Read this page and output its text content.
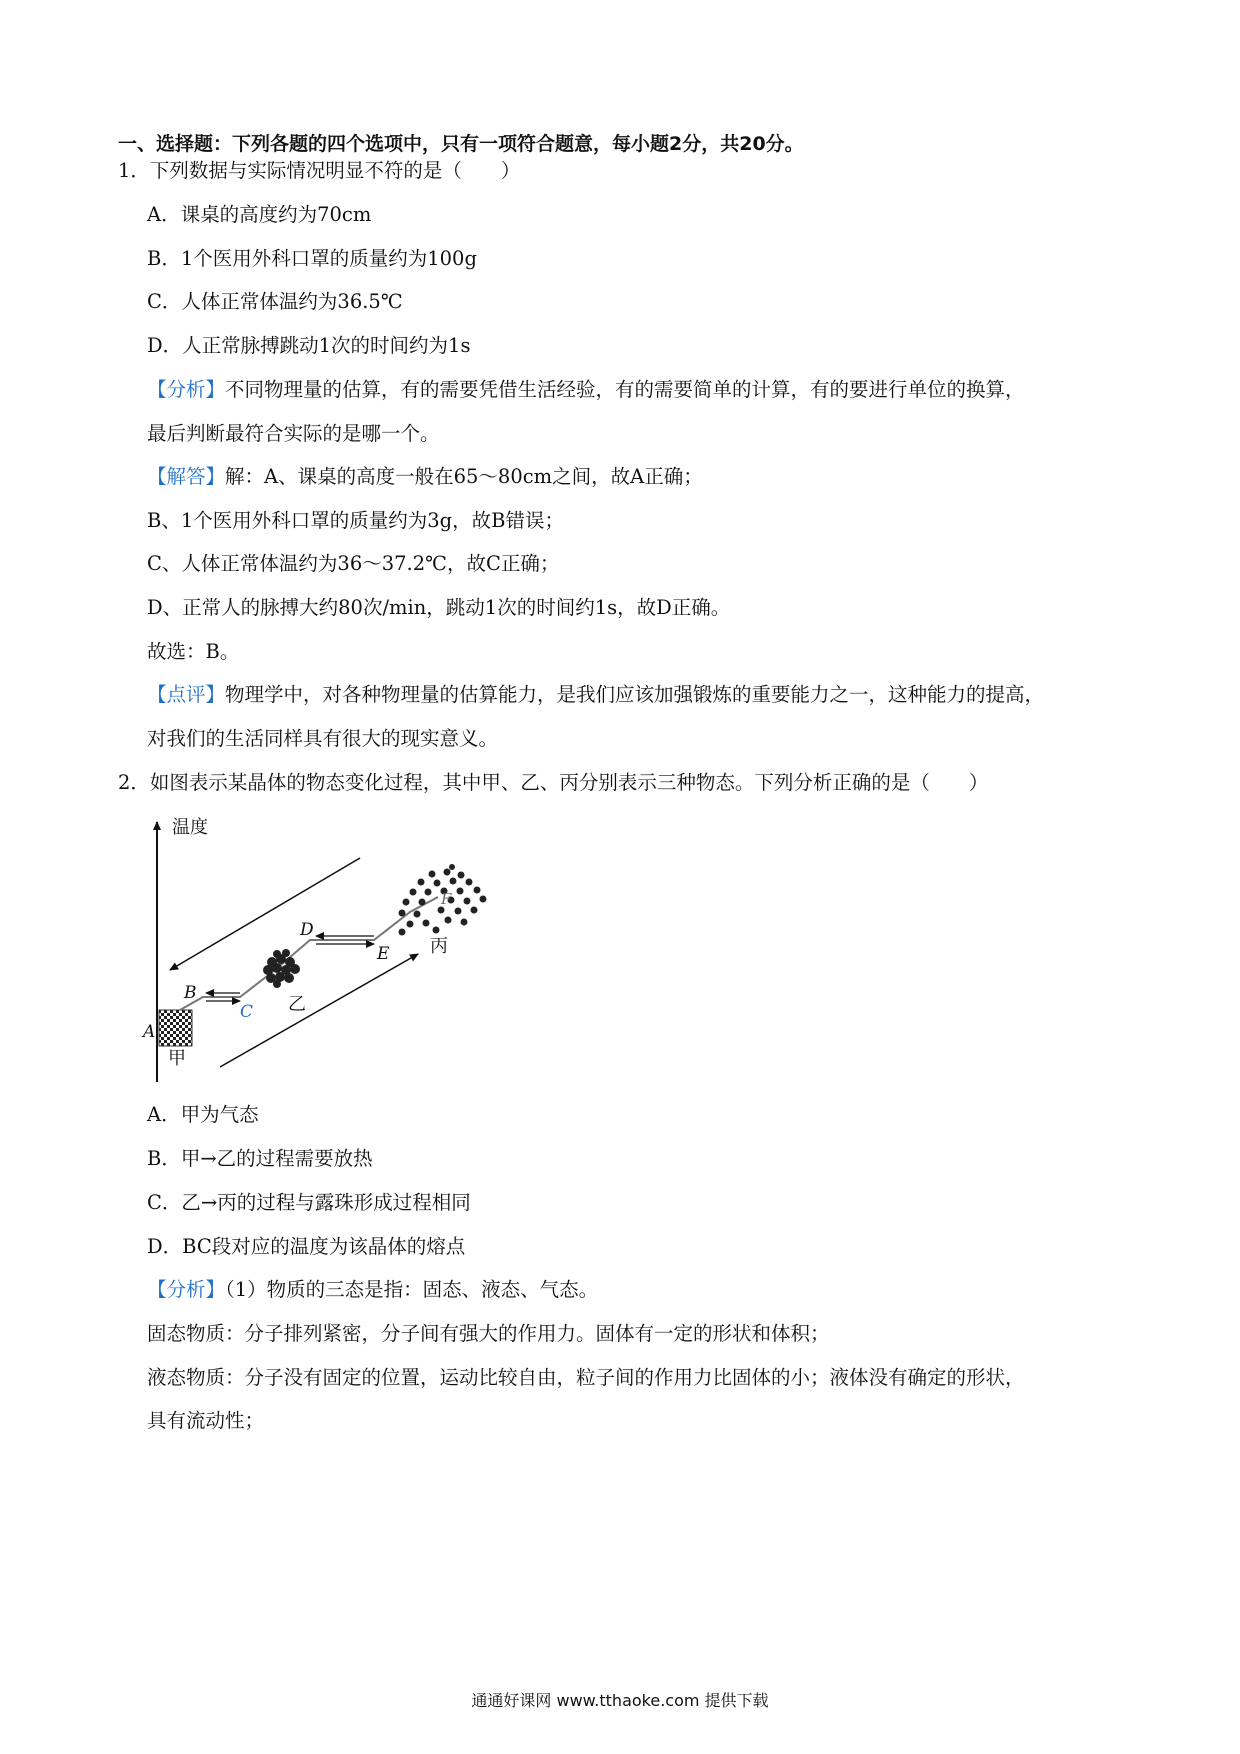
一、选择题：下列各题的四个选项中，只有一项符合题意，每小题2分，共20分。
1．下列数据与实际情况明显不符的是（　　）
A．课桌的高度约为70cm
B．1个医用外科口罩的质量约为100g
C．人体正常体温约为36.5℃
D．人正常脉搏跳动1次的时间约为1s
【分析】不同物理量的估算，有的需要凭借生活经验，有的需要简单的计算，有的要进行单位的换算，
最后判断最符合实际的是哪一个。
【解答】解：A、课桌的高度一般在65～80cm之间，故A正确；
B、1个医用外科口罩的质量约为3g，故B错误；
C、人体正常体温约为36～37.2℃，故C正确；
D、正常人的脉搏大约80次/min，跳动1次的时间约1s，故D正确。
故选：B。
【点评】物理学中，对各种物理量的估算能力，是我们应该加强锻炼的重要能力之一，这种能力的提高，
对我们的生活同样具有很大的现实意义。
2．如图表示某晶体的物态变化过程，其中甲、乙、丙分别表示三种物态。下列分析正确的是（　　）
温度
A
B
C
D
E
F
甲
乙
丙
A．甲为气态
B．甲→乙的过程需要放热
C．乙→丙的过程与露珠形成过程相同
D．BC段对应的温度为该晶体的熔点
【分析】（1）物质的三态是指：固态、液态、气态。
固态物质：分子排列紧密，分子间有强大的作用力。固体有一定的形状和体积；
液态物质：分子没有固定的位置，运动比较自由，粒子间的作用力比固体的小；液体没有确定的形状，
具有流动性；
通通好课网 www.tthaoke.com 提供下载
